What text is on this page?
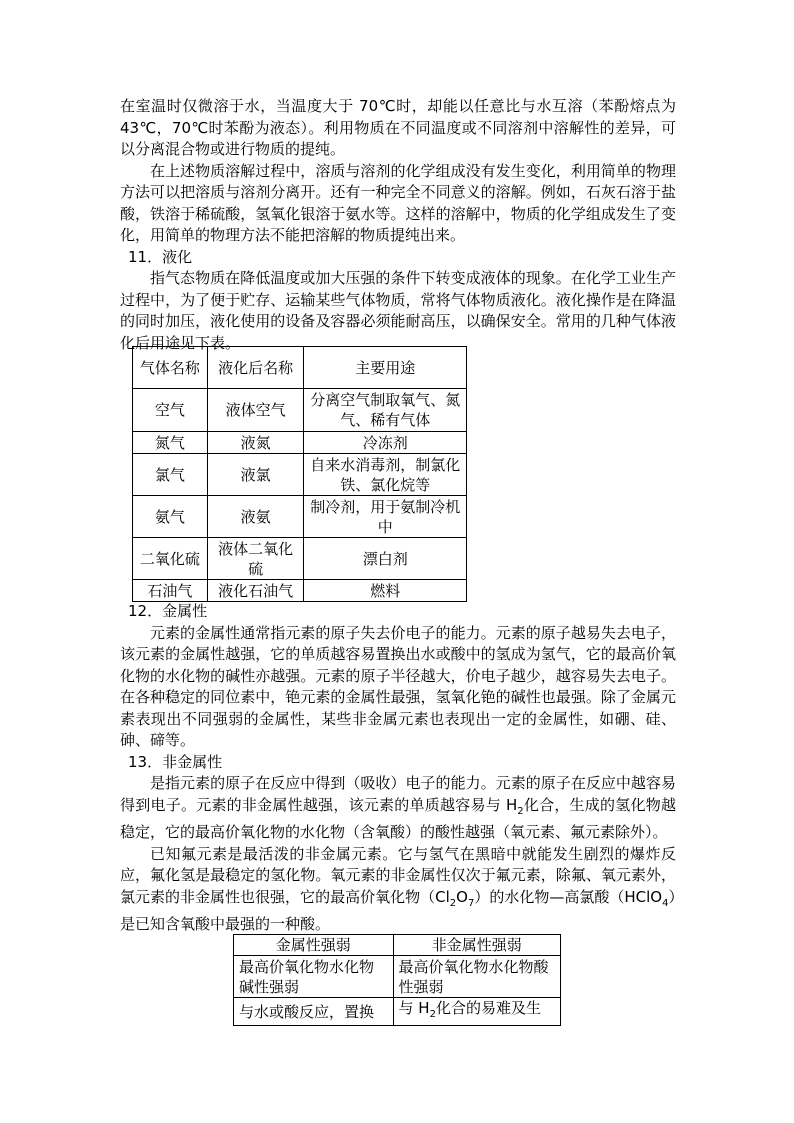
在室温时仅微溶于水，当温度大于 70℃时，却能以任意比与水互溶（苯酚熔点为 43℃，70℃时苯酚为液态）。利用物质在不同温度或不同溶剂中溶解性的差异，可以分离混合物或进行物质的提纯。

在上述物质溶解过程中，溶质与溶剂的化学组成没有发生变化，利用简单的物理方法可以把溶质与溶剂分离开。还有一种完全不同意义的溶解。例如，石灰石溶于盐酸，铁溶于稀硫酸，氢氧化银溶于氨水等。这样的溶解中，物质的化学组成发生了变化，用简单的物理方法不能把溶解的物质提纯出来。

11．液化

指气态物质在降低温度或加大压强的条件下转变成液体的现象。在化学工业生产过程中，为了便于贮存、运输某些气体物质，常将气体物质液化。液化操作是在降温的同时加压，液化使用的设备及容器必须能耐高压，以确保安全。常用的几种气体液化后用途见下表。

气体名称	液化后名称	主要用途
空气	液体空气	分离空气制取氧气、氮气、稀有气体
氮气	液氮	冷冻剂
氯气	液氯	自来水消毒剂，制氯化铁、氯化烷等
氨气	液氨	制冷剂，用于氨制冷机中
二氧化硫	液体二氧化硫	漂白剂
石油气	液化石油气	燃料

12．金属性

元素的金属性通常指元素的原子失去价电子的能力。元素的原子越易失去电子，该元素的金属性越强，它的单质越容易置换出水或酸中的氢成为氢气，它的最高价氧化物的水化物的碱性亦越强。元素的原子半径越大，价电子越少，越容易失去电子。在各种稳定的同位素中，铯元素的金属性最强，氢氧化铯的碱性也最强。除了金属元素表现出不同强弱的金属性，某些非金属元素也表现出一定的金属性，如硼、硅、砷、碲等。

13．非金属性

是指元素的原子在反应中得到（吸收）电子的能力。元素的原子在反应中越容易得到电子。元素的非金属性越强，该元素的单质越容易与 $H_2$化合，生成的氢化物越稳定，它的最高价氧化物的水化物（含氧酸）的酸性越强（氧元素、氟元素除外）。

已知氟元素是最活泼的非金属元素。它与氢气在黑暗中就能发生剧烈的爆炸反应，氟化氢是最稳定的氢化物。氧元素的非金属性仅次于氟元素，除氟、氧元素外，氯元素的非金属性也很强，它的最高价氧化物$(Cl_2O_7)$的水化物—高氯酸（HClO$_4$）是已知含氧酸中最强的一种酸。

金属性强弱	非金属性强弱
最高价氧化物水化物碱性强弱	最高价氧化物水化物酸性强弱
与水或酸反应，置换	与 $H_2$化合的易难及生
